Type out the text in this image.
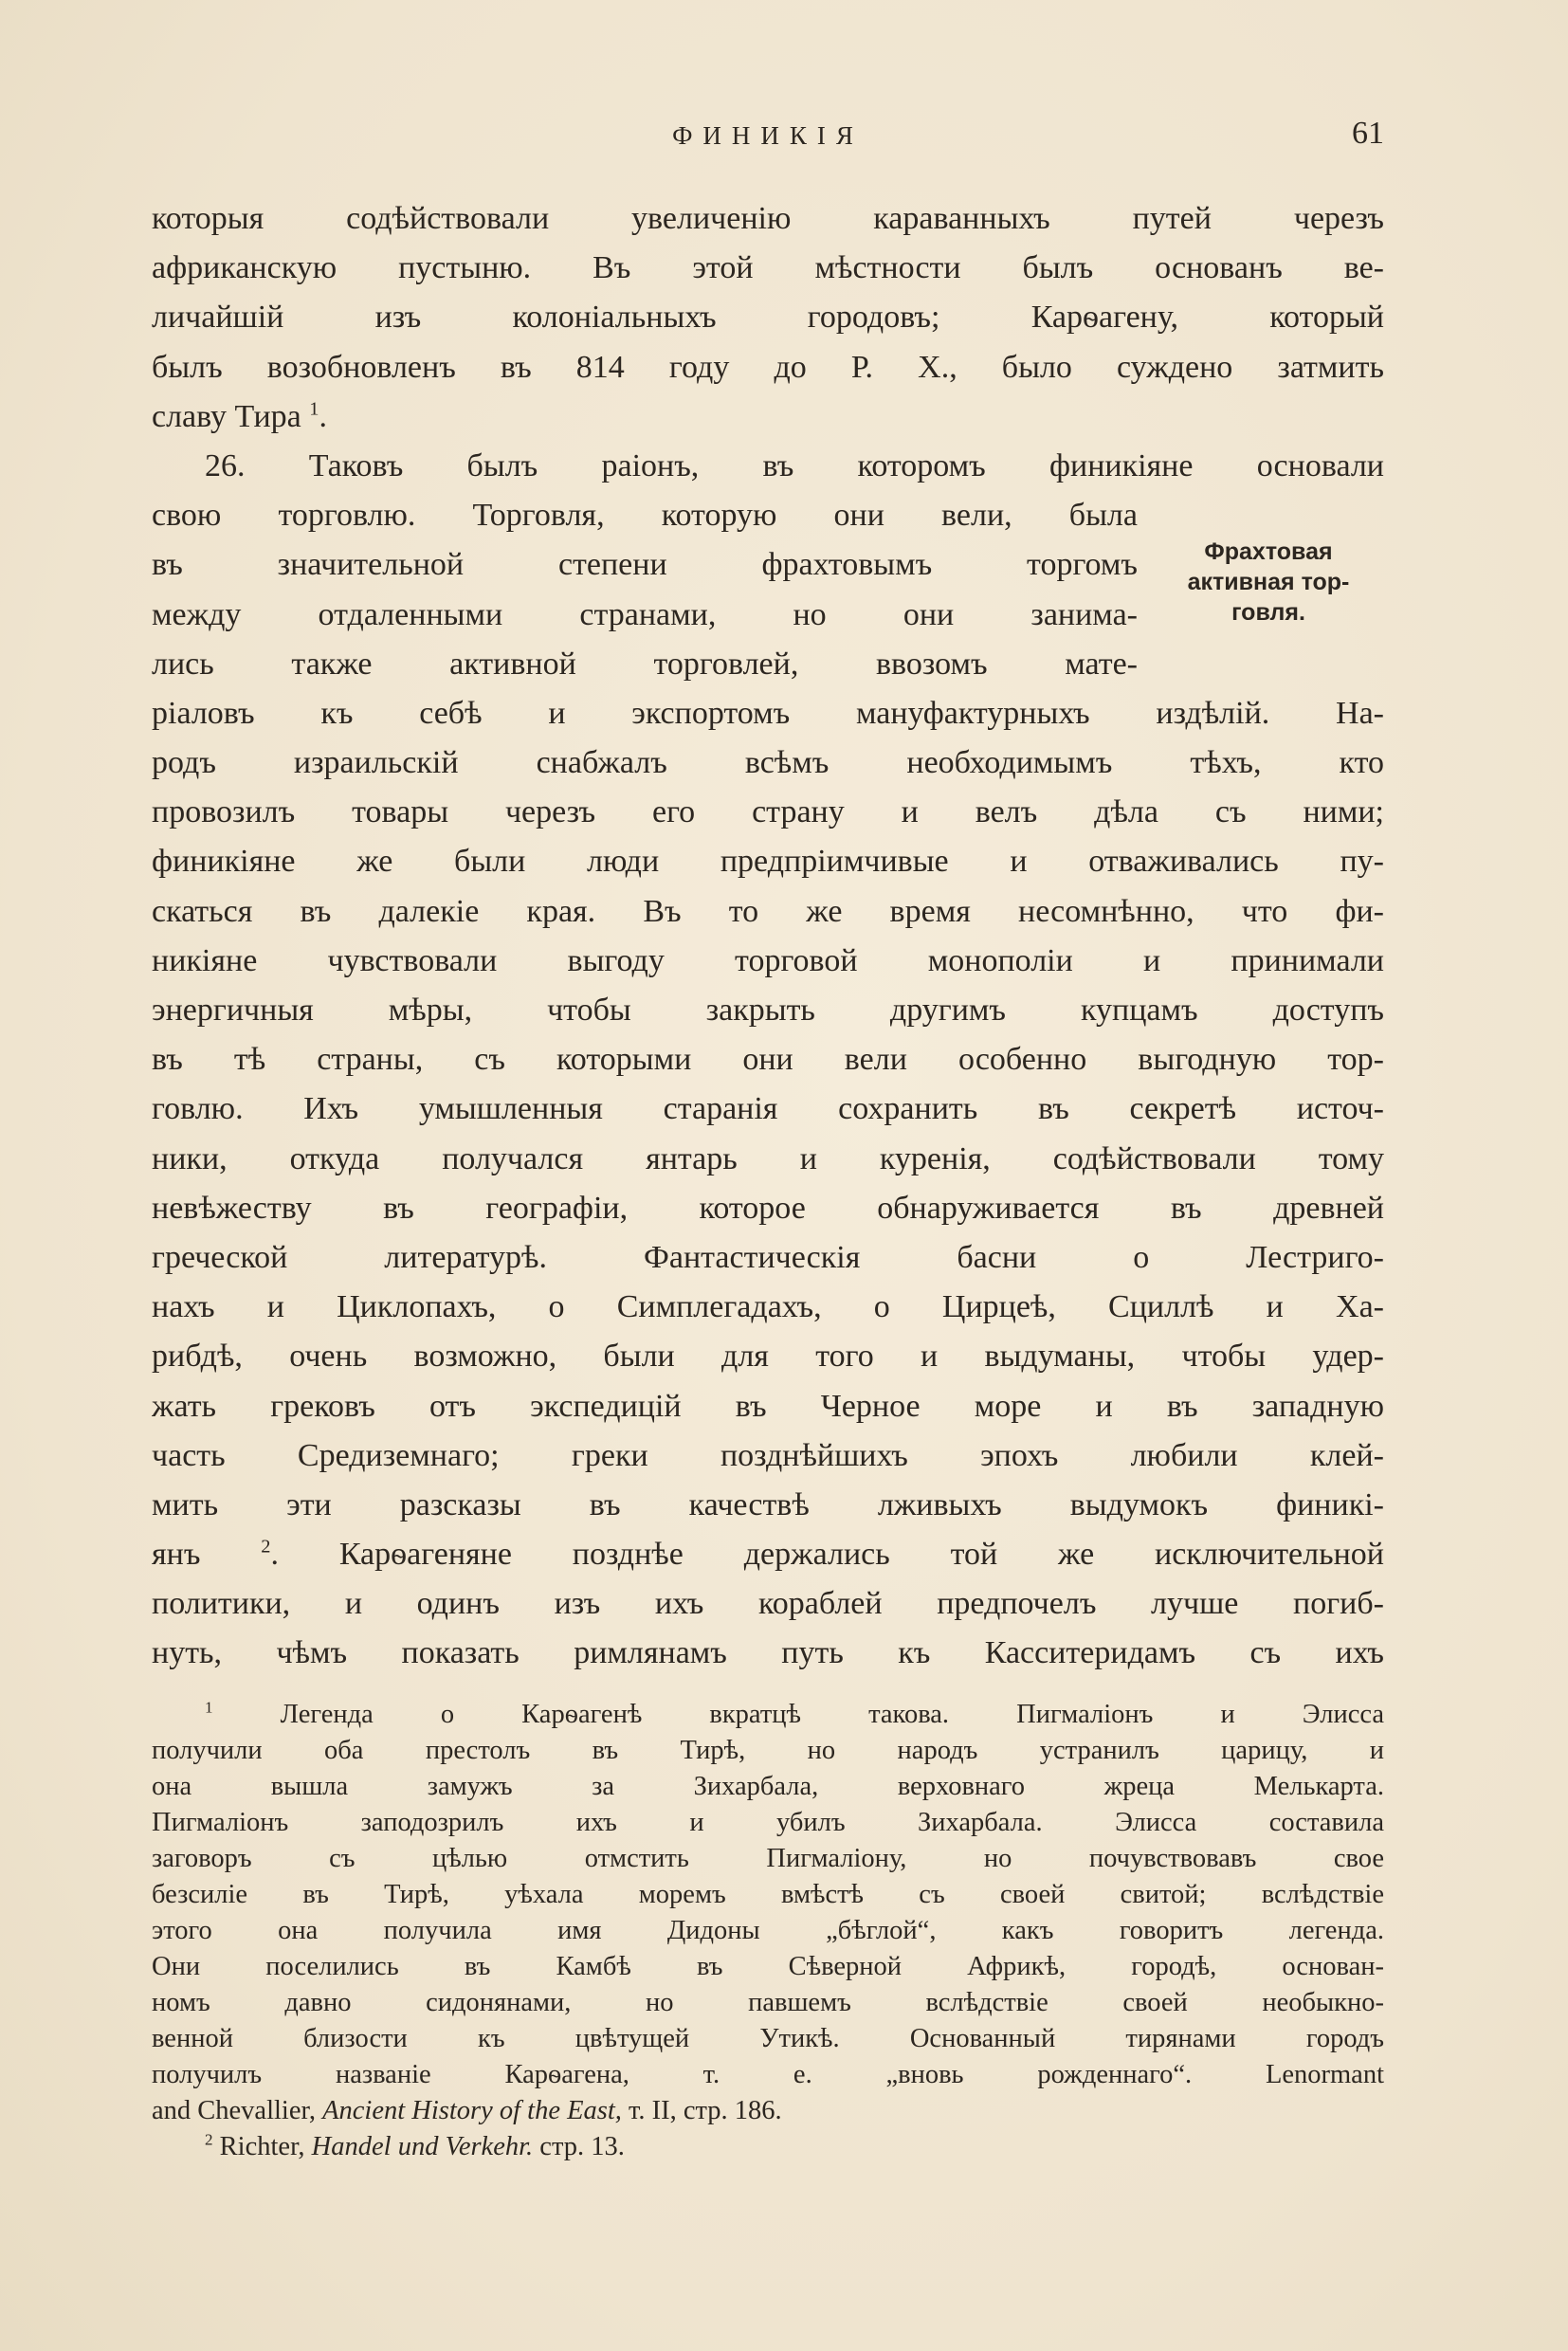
ФИНИКІЯ	61
которыя содѣйствовали увеличенію караванныхъ путей черезъ
африканскую пустыню. Въ этой мѣстности былъ основанъ ве-
личайшій изъ колоніальныхъ городовъ; Карѳагену, который
былъ возобновленъ въ 814 году до Р. Х., было суждено затмить
славу Тира $^1$.
26. Таковъ былъ раіонъ, въ которомъ финикіяне основали
свою торговлю. Торговля, которую они вели, была
въ значительной степени фрахтовымъ торгомъ
между отдаленными странами, но они занима-
лись также активной торговлей, ввозомъ мате-
ріаловъ къ себѣ и экспортомъ мануфактурныхъ издѣлій. На-
родъ израильскій снабжалъ всѣмъ необходимымъ тѣхъ, кто
провозилъ товары черезъ его страну и велъ дѣла съ ними;
финикіяне же были люди предпріимчивые и отваживались пу-
скаться въ далекіе края. Въ то же время несомнѣнно, что фи-
никіяне чувствовали выгоду торговой монополіи и принимали
энергичныя мѣры, чтобы закрыть другимъ купцамъ доступъ
въ тѣ страны, съ которыми они вели особенно выгодную тор-
говлю. Ихъ умышленныя старанія сохранить въ секретѣ источ-
ники, откуда получался янтарь и куренія, содѣйствовали тому
невѣжеству въ географіи, которое обнаруживается въ древней
греческой литературѣ. Фантастическія басни о Лестриго-
нахъ и Циклопахъ, о Симплегадахъ, о Цирцеѣ, Сциллѣ и Ха-
рибдѣ, очень возможно, были для того и выдуманы, чтобы удер-
жать грековъ отъ экспедицій въ Черное море и въ западную
часть Средиземнаго; греки позднѣйшихъ эпохъ любили клей-
мить эти разсказы въ качествѣ лживыхъ выдумокъ финикі-
янъ	$^2$. Карѳагеняне позднѣе держались той же исключительной
политики, и одинъ изъ ихъ кораблей предпочелъ лучше погиб-
нуть, чѣмъ показать римлянамъ путь къ Касситеридамъ съ ихъ
Фрахтовая
активная тор-
говля.
$^1$ Легенда о Карѳагенѣ вкратцѣ такова. Пигмаліонъ и Элисса
получили оба престолъ въ Тирѣ, но народъ устранилъ царицу, и
она вышла замужъ за Зихарбала, верховнаго жреца Мелькарта.
Пигмаліонъ заподозрилъ ихъ и убилъ Зихарбала. Элисса составила
заговоръ съ цѣлью отмстить Пигмаліону, но почувствовавъ свое
безсиліе въ Тирѣ, уѣхала моремъ вмѣстѣ съ своей свитой; вслѣдствіе
этого она получила имя Дидоны „бѣглой“, какъ говоритъ легенда.
Они поселились въ Камбѣ въ Сѣверной Африкѣ, городѣ, основан-
номъ давно сидонянами, но павшемъ вслѣдствіе своей необыкно-
венной близости къ цвѣтущей Утикѣ. Основанный тирянами городъ
получилъ названіе Карѳагена, т. е. „вновь рожденнаго“. Lenormant
and Chevallier, Ancient History of the East, т. II, стр. 186.
$^2$ Richter, Handel und Verkehr. стр. 13.
